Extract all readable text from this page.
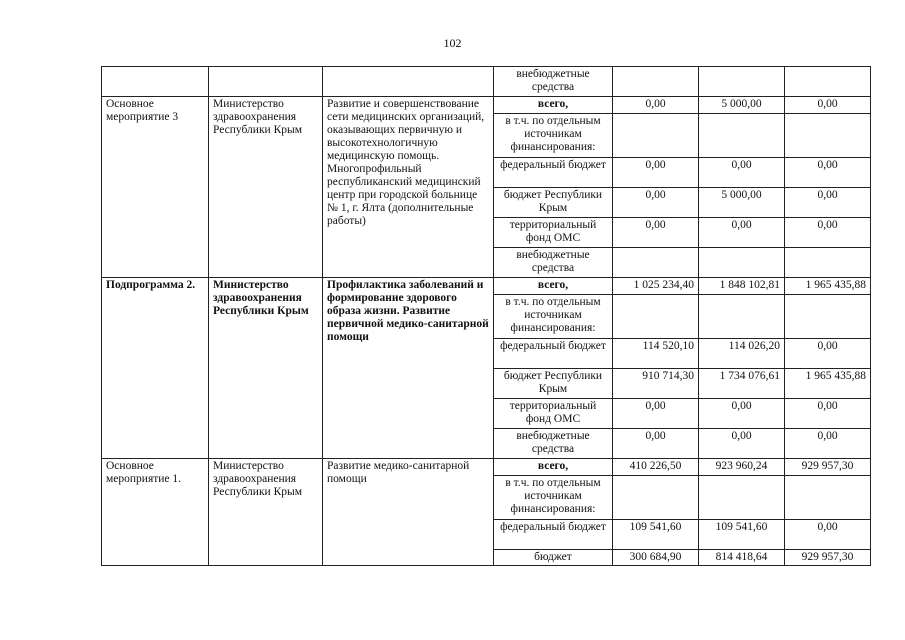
102
			внебюджетные средства			
Основное мероприятие 3	Министерство здравоохранения Республики Крым	Развитие и совершенствование сети медицинских организаций, оказывающих первичную и высокотехнологичную медицинскую помощь. Многопрофильный республиканский медицинский центр при городской больнице № 1, г. Ялта (дополнительные работы)	всего,	0,00	5 000,00	0,00
			в т.ч. по отдельным источникам финансирования:			
			федеральный бюджет	0,00	0,00	0,00
			бюджет Республики Крым	0,00	5 000,00	0,00
			территориальный фонд ОМС	0,00	0,00	0,00
			внебюджетные средства			
Подпрограмма 2.	Министерство здравоохранения Республики Крым	Профилактика заболеваний и формирование здорового образа жизни. Развитие первичной медико-санитарной помощи	всего,	1 025 234,40	1 848 102,81	1 965 435,88
			в т.ч. по отдельным источникам финансирования:			
			федеральный бюджет	114 520,10	114 026,20	0,00
			бюджет Республики Крым	910 714,30	1 734 076,61	1 965 435,88
			территориальный фонд ОМС	0,00	0,00	0,00
			внебюджетные средства	0,00	0,00	0,00
Основное мероприятие 1.	Министерство здравоохранения Республики Крым	Развитие медико-санитарной помощи	всего,	410 226,50	923 960,24	929 957,30
			в т.ч. по отдельным источникам финансирования:			
			федеральный бюджет	109 541,60	109 541,60	0,00
			бюджет	300 684,90	814 418,64	929 957,30
